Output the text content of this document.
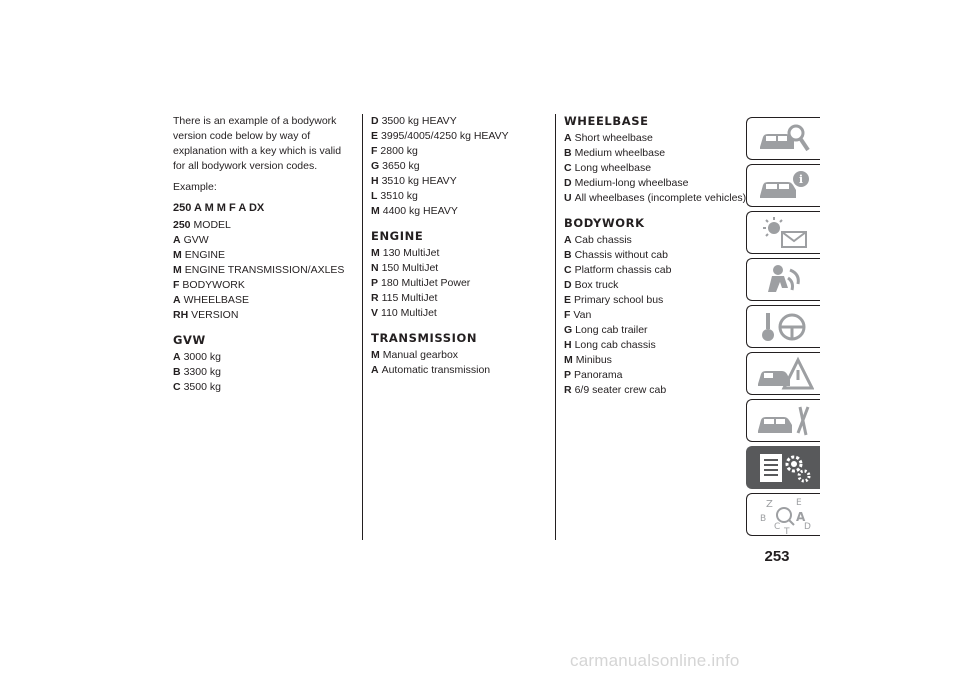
There is an example of a bodywork version code below by way of explanation with a key which is valid for all bodywork version codes.

Example:

250 A M M F A DX
250 MODEL
A GVW
M ENGINE
M ENGINE TRANSMISSION/AXLES
F BODYWORK
A WHEELBASE
RH VERSION
GVW
A 3000 kg
B 3300 kg
C 3500 kg
D 3500 kg HEAVY
E 3995/4005/4250 kg HEAVY
F 2800 kg
G 3650 kg
H 3510 kg HEAVY
L 3510 kg
M 4400 kg HEAVY
ENGINE
M 130 MultiJet
N 150 MultiJet
P 180 MultiJet Power
R 115 MultiJet
V 110 MultiJet
TRANSMISSION
M Manual gearbox
A Automatic transmission
WHEELBASE
A Short wheelbase
B Medium wheelbase
C Long wheelbase
D Medium-long wheelbase
U All wheelbases (incomplete vehicles)
BODYWORK
A Cab chassis
B Chassis without cab
C Platform chassis cab
D Box truck
E Primary school bus
F Van
G Long cab trailer
H Long cab chassis
M Minibus
P Panorama
R 6/9 seater crew cab
i
Z	E
B A
C	D
T
253
carmanualsonline.info
